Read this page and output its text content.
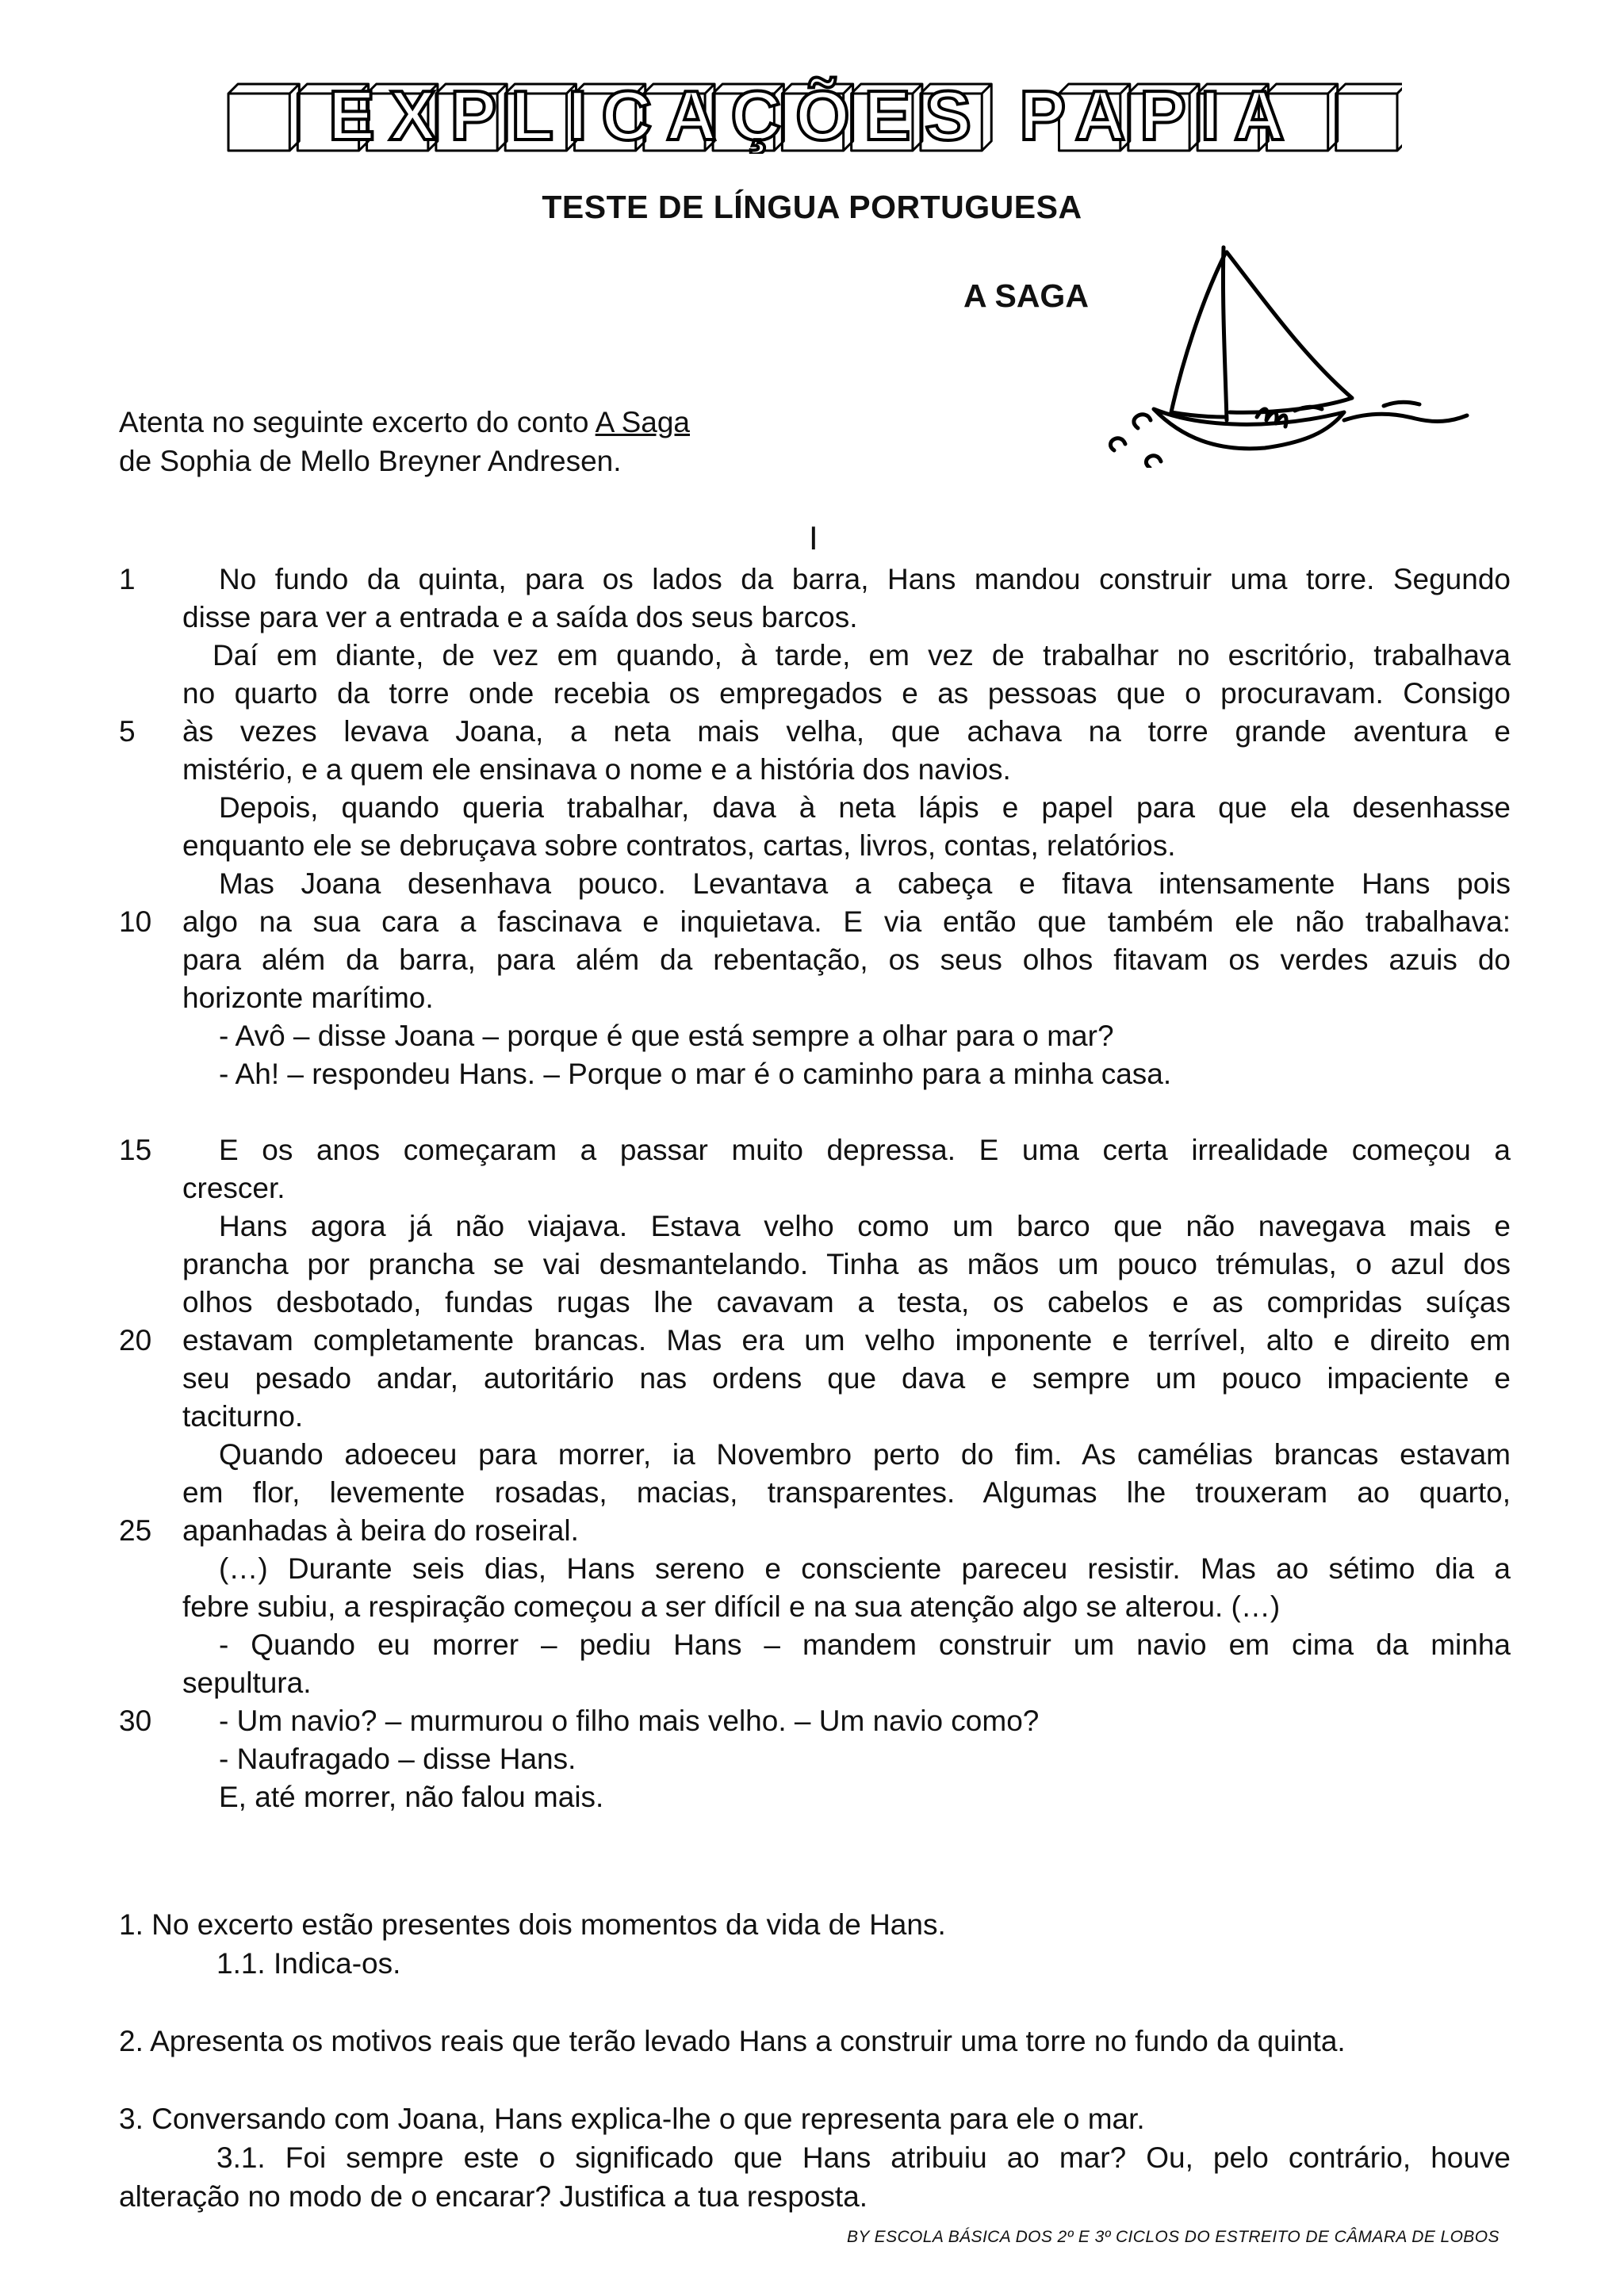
EXPLICAÇÕES PAPIA
TESTE DE LÍNGUA PORTUGUESA
A SAGA
Atenta no seguinte excerto do conto A Saga
de Sophia de Mello Breyner Andresen.
I
1	No fundo da quinta, para os lados da barra, Hans mandou construir uma torre. Segundo
disse para ver a entrada e a saída dos seus barcos.
Daí em diante, de vez em quando, à tarde, em vez de trabalhar no escritório, trabalhava
no quarto da torre onde recebia os empregados e as pessoas que o procuravam. Consigo
5	às vezes levava Joana, a neta mais velha, que achava na torre grande aventura e
mistério, e a quem ele ensinava o nome e a história dos navios.
Depois, quando queria trabalhar, dava à neta lápis e papel para que ela desenhasse
enquanto ele se debruçava sobre contratos, cartas, livros, contas, relatórios.
Mas Joana desenhava pouco. Levantava a cabeça e fitava intensamente Hans pois
10	algo na sua cara a fascinava e inquietava. E via então que também ele não trabalhava:
para além da barra, para além da rebentação, os seus olhos fitavam os verdes azuis do
horizonte marítimo.
- Avô – disse Joana – porque é que está sempre a olhar para o mar?
- Ah! – respondeu Hans. – Porque o mar é o caminho para a minha casa.
15	E os anos começaram a passar muito depressa. E uma certa irrealidade começou a
crescer.
Hans agora já não viajava. Estava velho como um barco que não navegava mais e
prancha por prancha se vai desmantelando. Tinha as mãos um pouco trémulas, o azul dos
olhos desbotado, fundas rugas lhe cavavam a testa, os cabelos e as compridas suíças
20	estavam completamente brancas. Mas era um velho imponente e terrível, alto e direito em
seu pesado andar, autoritário nas ordens que dava e sempre um pouco impaciente e
taciturno.
Quando adoeceu para morrer, ia Novembro perto do fim. As camélias brancas estavam
em flor, levemente rosadas, macias, transparentes. Algumas lhe trouxeram ao quarto,
25	apanhadas à beira do roseiral.
(…) Durante seis dias, Hans sereno e consciente pareceu resistir. Mas ao sétimo dia a
febre subiu, a respiração começou a ser difícil e na sua atenção algo se alterou. (…)
- Quando eu morrer – pediu Hans – mandem construir um navio em cima da minha
sepultura.
30	- Um navio? – murmurou o filho mais velho. – Um navio como?
- Naufragado – disse Hans.
E, até morrer, não falou mais.
1. No excerto estão presentes dois momentos da vida de Hans.
1.1. Indica-os.
2. Apresenta os motivos reais que terão levado Hans a construir uma torre no fundo da quinta.
3. Conversando com Joana, Hans explica-lhe o que representa para ele o mar.
3.1. Foi sempre este o significado que Hans atribuiu ao mar? Ou, pelo contrário, houve
alteração no modo de o encarar? Justifica a tua resposta.
BY ESCOLA BÁSICA DOS 2º E 3º CICLOS DO ESTREITO DE CÂMARA DE LOBOS
